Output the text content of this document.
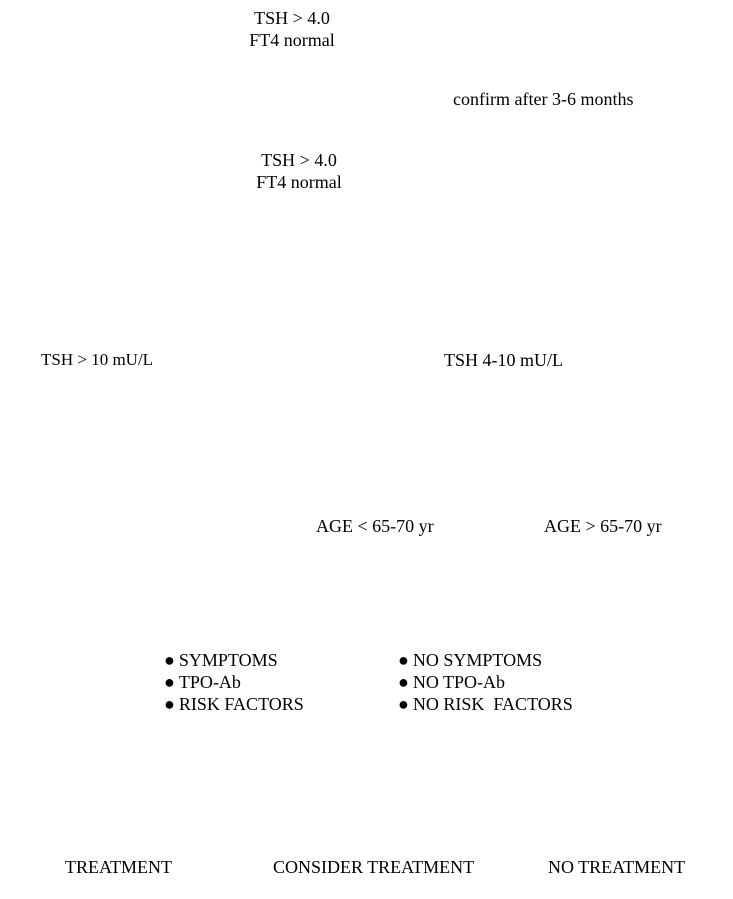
TSH > 4.0
FT4 normal
confirm after 3-6 months
TSH > 4.0
FT4 normal
TSH > 10 mU/L	TSH 4-10 mU/L
AGE < 65-70 yr	AGE > 65-70 yr
● SYMPTOMS
● TPO-Ab
● RISK FACTORS
● NO SYMPTOMS
● NO TPO-Ab
● NO RISK  FACTORS
TREATMENT	CONSIDER TREATMENT	NO TREATMENT
